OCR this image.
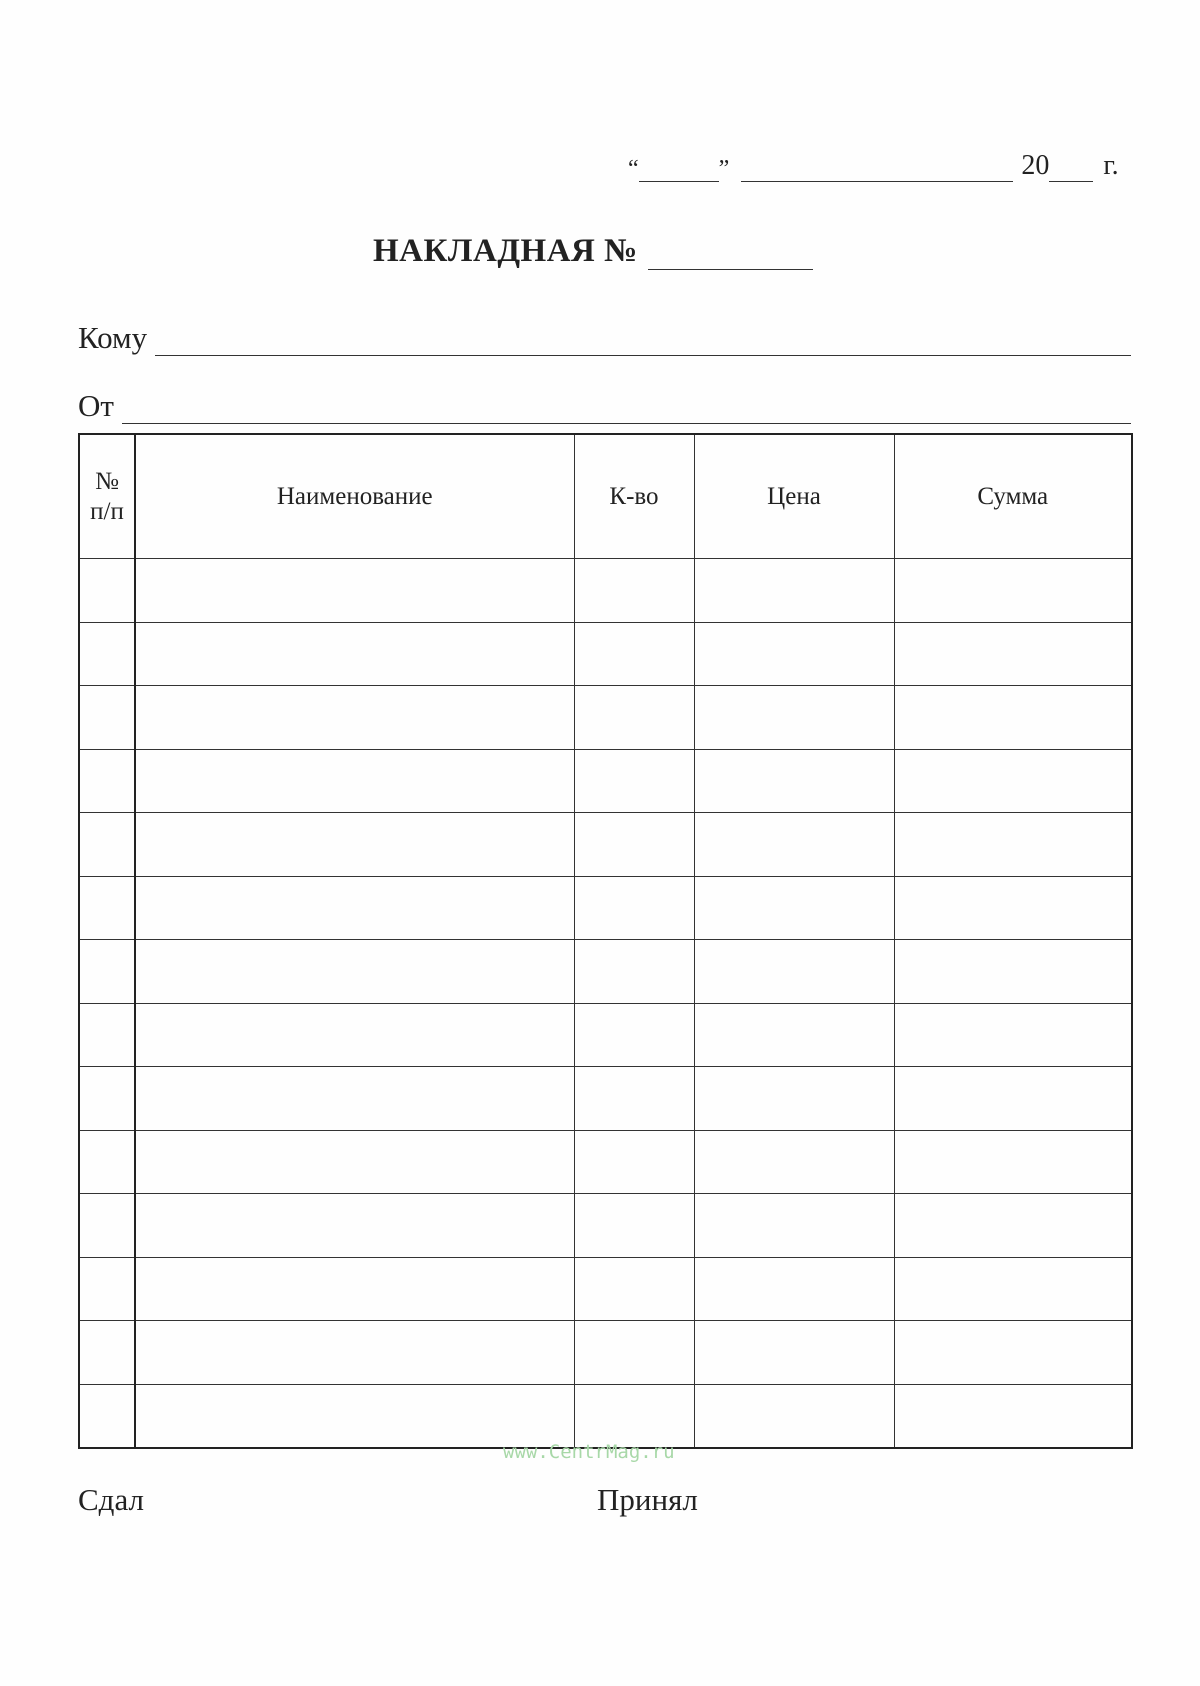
“	”	20 г.
НАКЛАДНАЯ №
Кому
От
№
п/п	Наименование	К-во	Цена	Сумма

www.CentrMag.ru
Сдал	Принял
